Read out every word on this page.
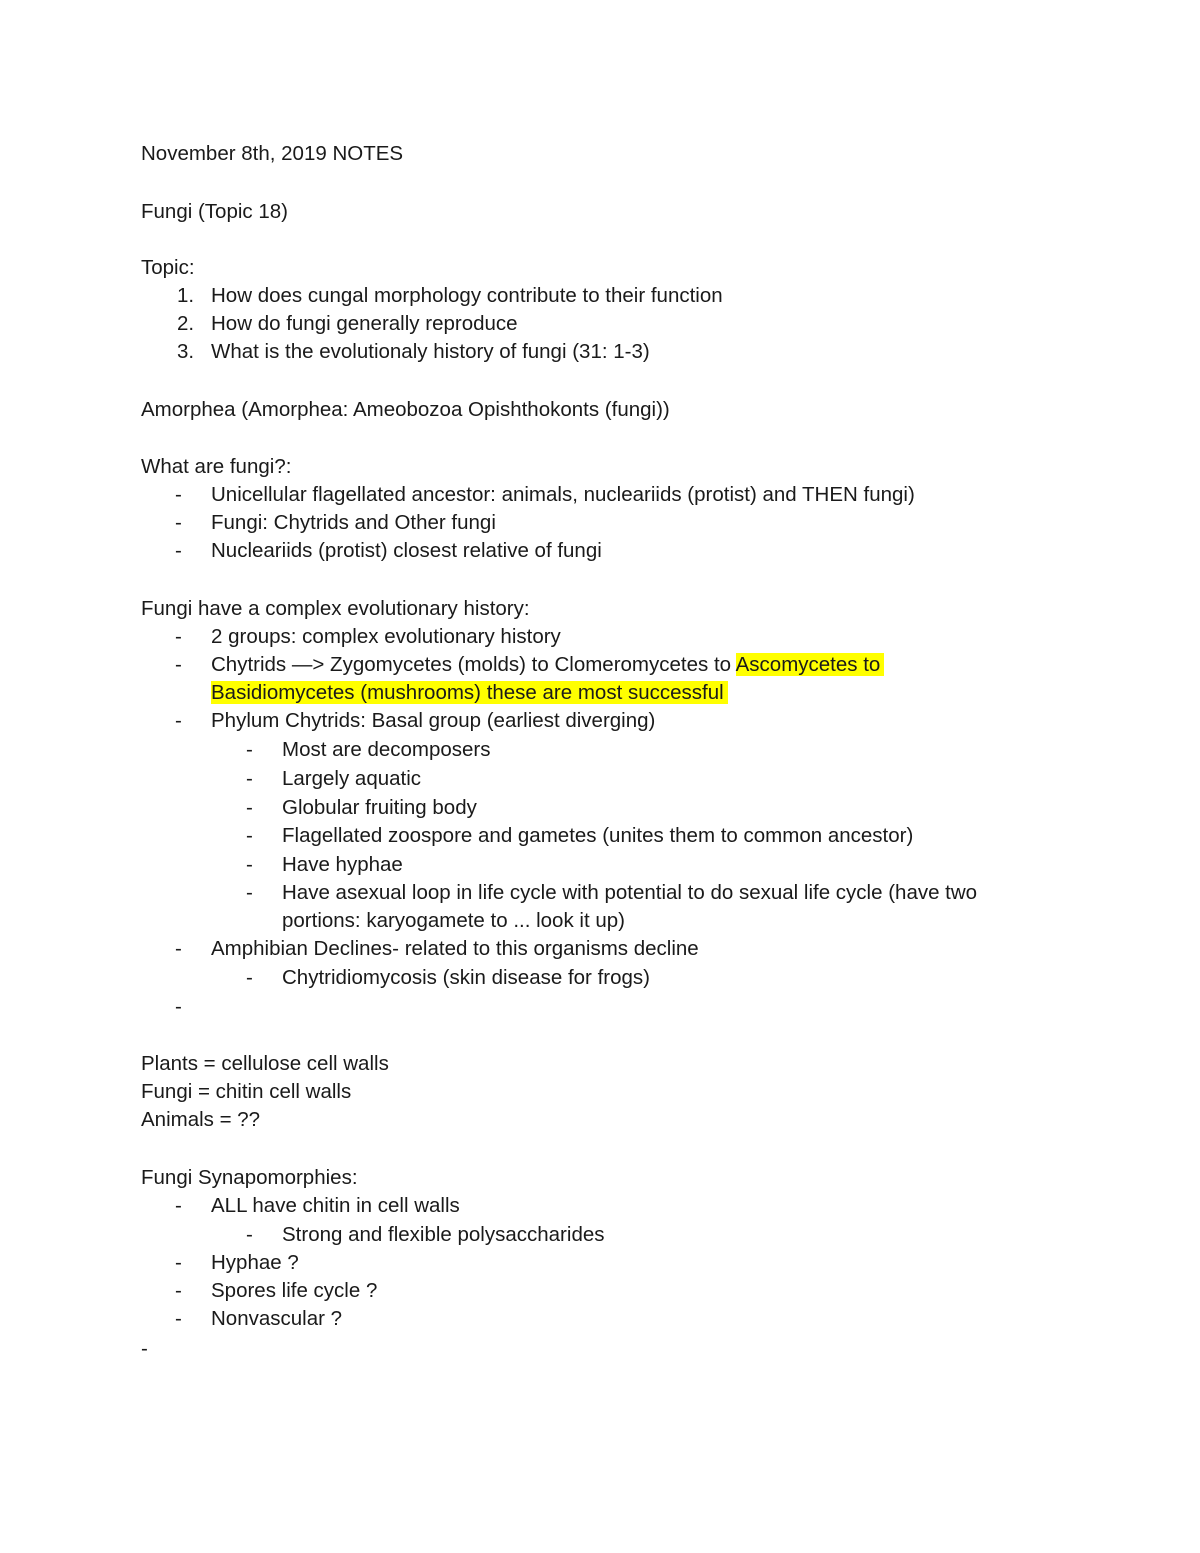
November 8th, 2019 NOTES
Fungi (Topic 18)
Topic:
1. How does cungal morphology contribute to their function
2. How do fungi generally reproduce
3. What is the evolutionaly history of fungi (31: 1-3)
Amorphea (Amorphea: Ameobozoa Opishthokonts (fungi))
What are fungi?:
- Unicellular flagellated ancestor: animals, nucleariids (protist) and THEN fungi)
- Fungi: Chytrids and Other fungi
- Nucleariids (protist) closest relative of fungi
Fungi have a complex evolutionary history:
- 2 groups: complex evolutionary history
- Chytrids —> Zygomycetes (molds) to Clomeromycetes to Ascomycetes to
Basidiomycetes (mushrooms) these are most successful
- Phylum Chytrids: Basal group (earliest diverging)
- Most are decomposers
- Largely aquatic
- Globular fruiting body
- Flagellated zoospore and gametes (unites them to common ancestor)
- Have hyphae
- Have asexual loop in life cycle with potential to do sexual life cycle (have two
portions: karyogamete to ... look it up)
- Amphibian Declines- related to this organisms decline
- Chytridiomycosis (skin disease for frogs)
-
Plants = cellulose cell walls
Fungi = chitin cell walls
Animals = ??
Fungi Synapomorphies:
- ALL have chitin in cell walls
- Strong and flexible polysaccharides
- Hyphae ?
- Spores life cycle ?
- Nonvascular ?
-
